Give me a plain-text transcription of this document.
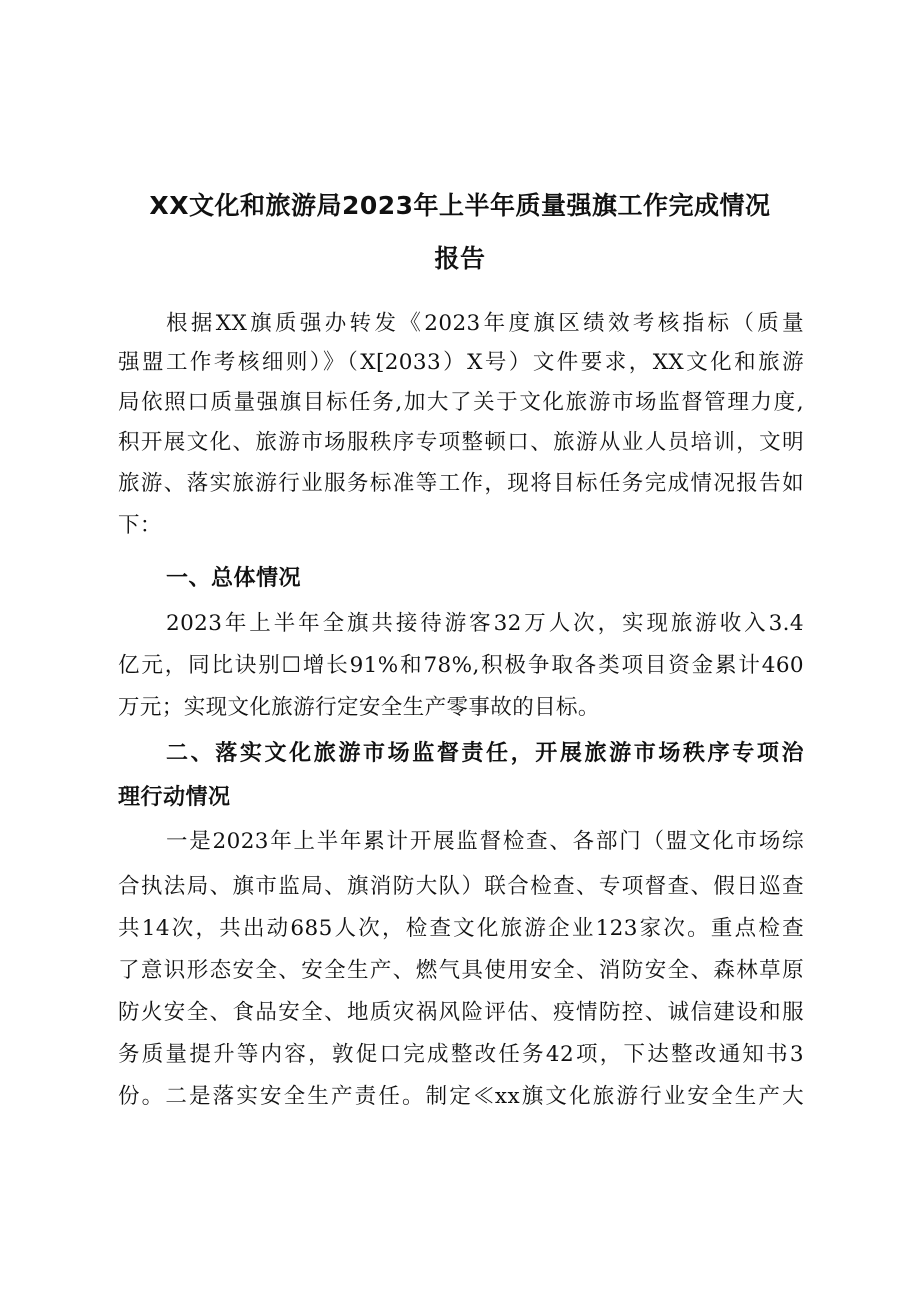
XX文化和旅游局2023年上半年质量强旗工作完成情况
报告
根据XX旗质强办转发《2023年度旗区绩效考核指标（质量
强盟工作考核细则）》（X[2033）X号）文件要求，XX文化和旅游
局依照口质量强旗目标任务,加大了关于文化旅游市场监督管理力度,
积开展文化、旅游市场服秩序专项整顿口、旅游从业人员培训，文明
旅游、落实旅游行业服务标准等工作，现将目标任务完成情况报告如
下：
一、总体情况
2023年上半年全旗共接待游客32万人次，实现旅游收入3.4
亿元，同比诀别☐增长91%和78%,积极争取各类项目资金累计460
万元；实现文化旅游行定安全生产零事故的目标。
二、落实文化旅游市场监督责任，开展旅游市场秩序专项治
理行动情况
一是2023年上半年累计开展监督检查、各部门（盟文化市场综
合执法局、旗市监局、旗消防大队）联合检查、专项督查、假日巡查
共14次，共出动685人次，检查文化旅游企业123家次。重点检查
了意识形态安全、安全生产、燃气具使用安全、消防安全、森林草原
防火安全、食品安全、地质灾祸风险评估、疫情防控、诚信建设和服
务质量提升等内容，敦促口完成整改任务42项，下达整改通知书3
份。二是落实安全生产责任。制定≪xx旗文化旅游行业安全生产大
